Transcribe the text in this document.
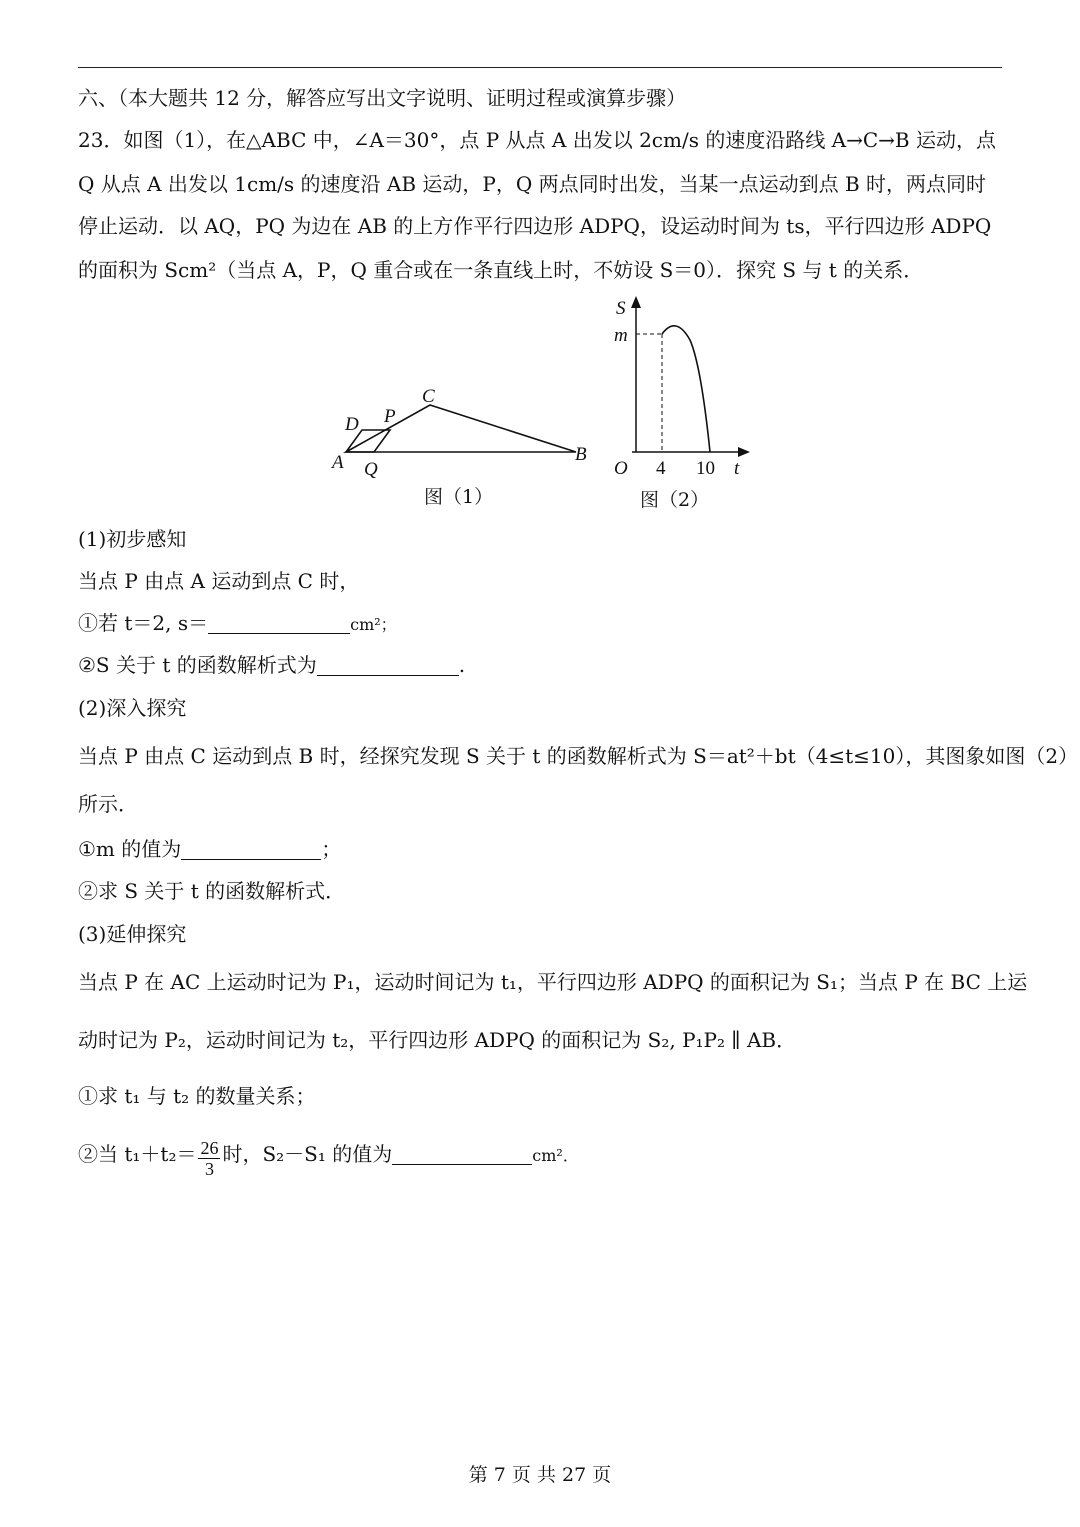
六、（本大题共 12 分，解答应写出文字说明、证明过程或演算步骤）
23．如图（1），在△ABC 中，∠A＝30°，点 P 从点 A 出发以 2cm/s 的速度沿路线 A→C→B 运动，点
Q 从点 A 出发以 1cm/s 的速度沿 AB 运动，P，Q 两点同时出发，当某一点运动到点 B 时，两点同时
停止运动．以 AQ，PQ 为边在 AB 的上方作平行四边形 ADPQ，设运动时间为 ts，平行四边形 ADPQ
的面积为 Scm²（当点 A，P，Q 重合或在一条直线上时，不妨设 S＝0）．探究 S 与 t 的关系．
A
D P
C
Q
B
图（1）
S
m
O 4 10 t
图（2）
(1)初步感知
当点 P 由点 A 运动到点 C 时，
①若 t＝2, s＝	cm²；
②S 关于 t 的函数解析式为	.
(2)深入探究
当点 P 由点 C 运动到点 B 时，经探究发现 S 关于 t 的函数解析式为 S＝at²＋bt（4≤t≤10），其图象如图（2）
所示．
①m 的值为	；
②求 S 关于 t 的函数解析式．
(3)延伸探究
当点 P 在 AC 上运动时记为 P₁，运动时间记为 t₁，平行四边形 ADPQ 的面积记为 S₁；当点 P 在 BC 上运
动时记为 P₂，运动时间记为 t₂，平行四边形 ADPQ 的面积记为 S₂, P₁P₂ ∥ AB．
①求 t₁ 与 t₂ 的数量关系；
②当 $t_1+t_2= \frac{26}{3}$ 时，S₂－S₁ 的值为	cm²．
第 7 页 共 27 页
